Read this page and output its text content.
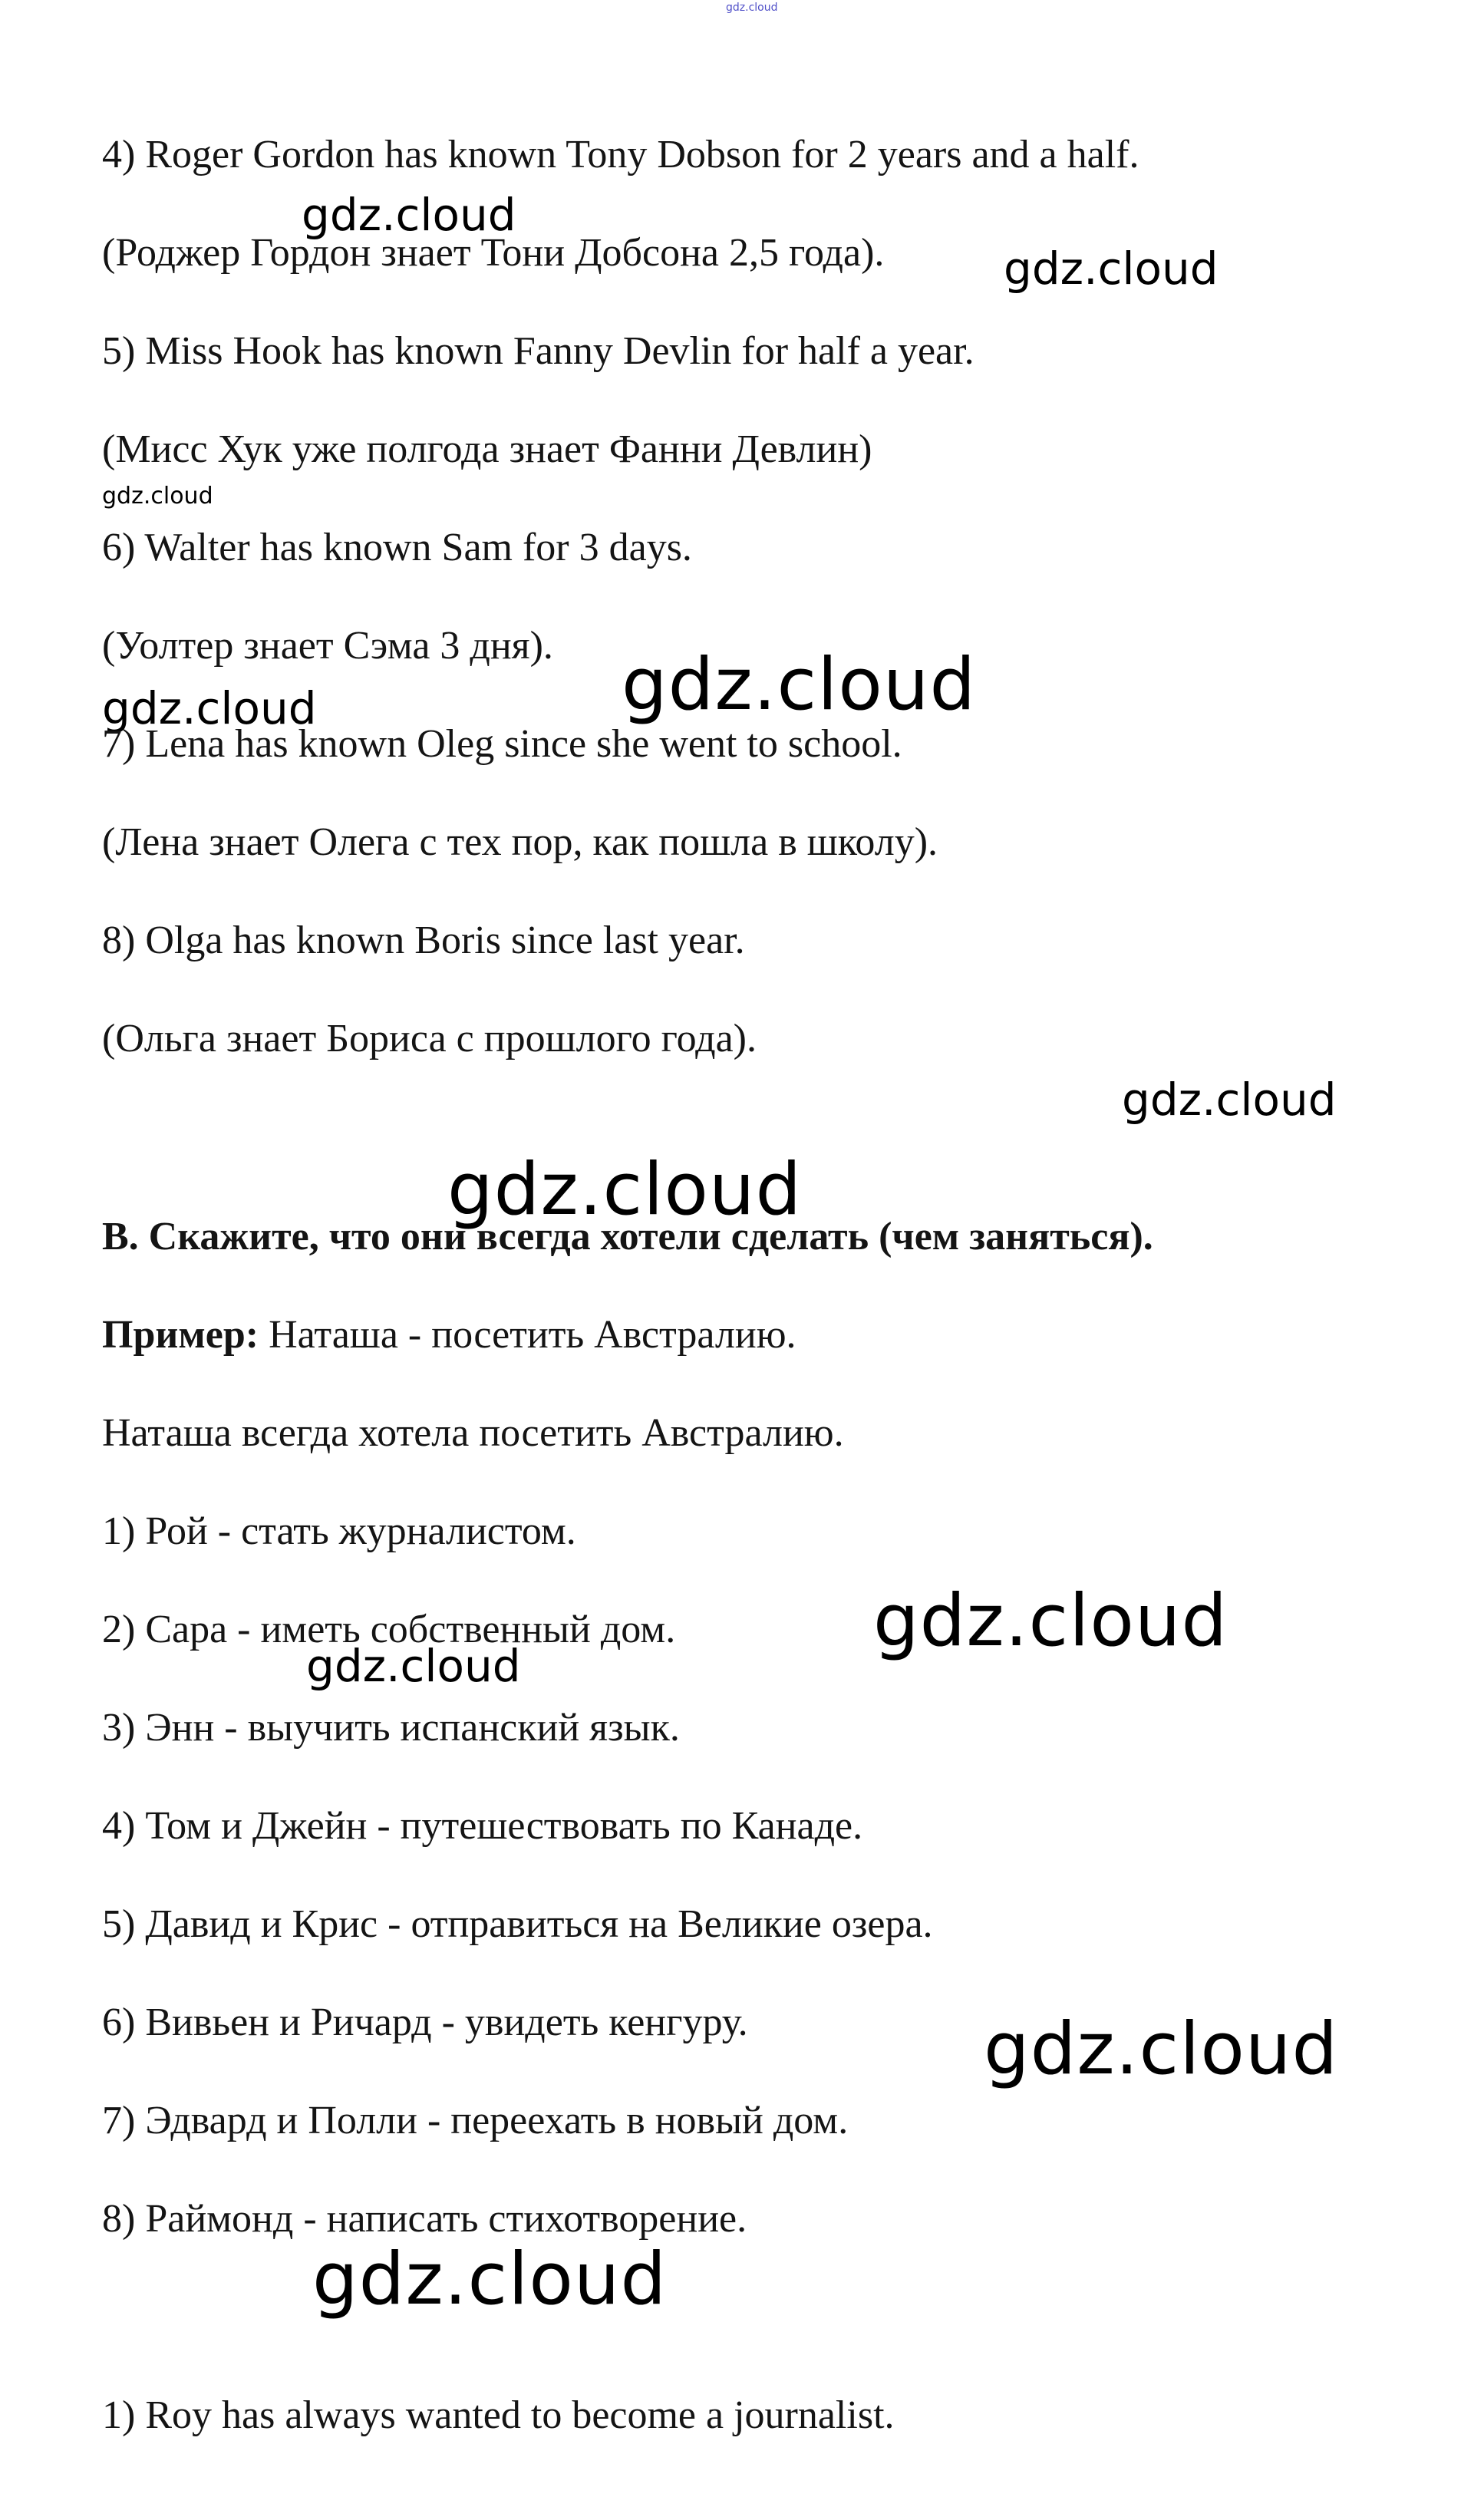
gdz.cloud
gdz.cloud
gdz.cloud
gdz.cloud
gdz.cloud
gdz.cloud
gdz.cloud
gdz.cloud
gdz.cloud
gdz.cloud
gdz.cloud
gdz.cloud
4) Roger Gordon has known Tony Dobson for 2 years and a half.
(Роджер Гордон знает Тони Добсона 2,5 года).
5) Miss Hook has known Fanny Devlin for half a year.
(Мисс Хук уже полгода знает Фанни Девлин)
6) Walter has known Sam for 3 days.
(Уолтер знает Сэма 3 дня).
7) Lena has known Oleg since she went to school.
(Лена знает Олега с тех пор, как пошла в школу).
8) Olga has known Boris since last year.
(Ольга знает Бориса с прошлого года).
B. Скажите, что они всегда хотели сделать (чем заняться).
Пример: Наташа - посетить Австралию.
Наташа всегда хотела посетить Австралию.
1) Рой - стать журналистом.
2) Сара - иметь собственный дом.
3) Энн - выучить испанский язык.
4) Том и Джейн - путешествовать по Канаде.
5) Давид и Крис - отправиться на Великие озера.
6) Вивьен и Ричард - увидеть кенгуру.
7) Эдвард и Полли - переехать в новый дом.
8) Раймонд - написать стихотворение.
1) Roy has always wanted to become a journalist.
